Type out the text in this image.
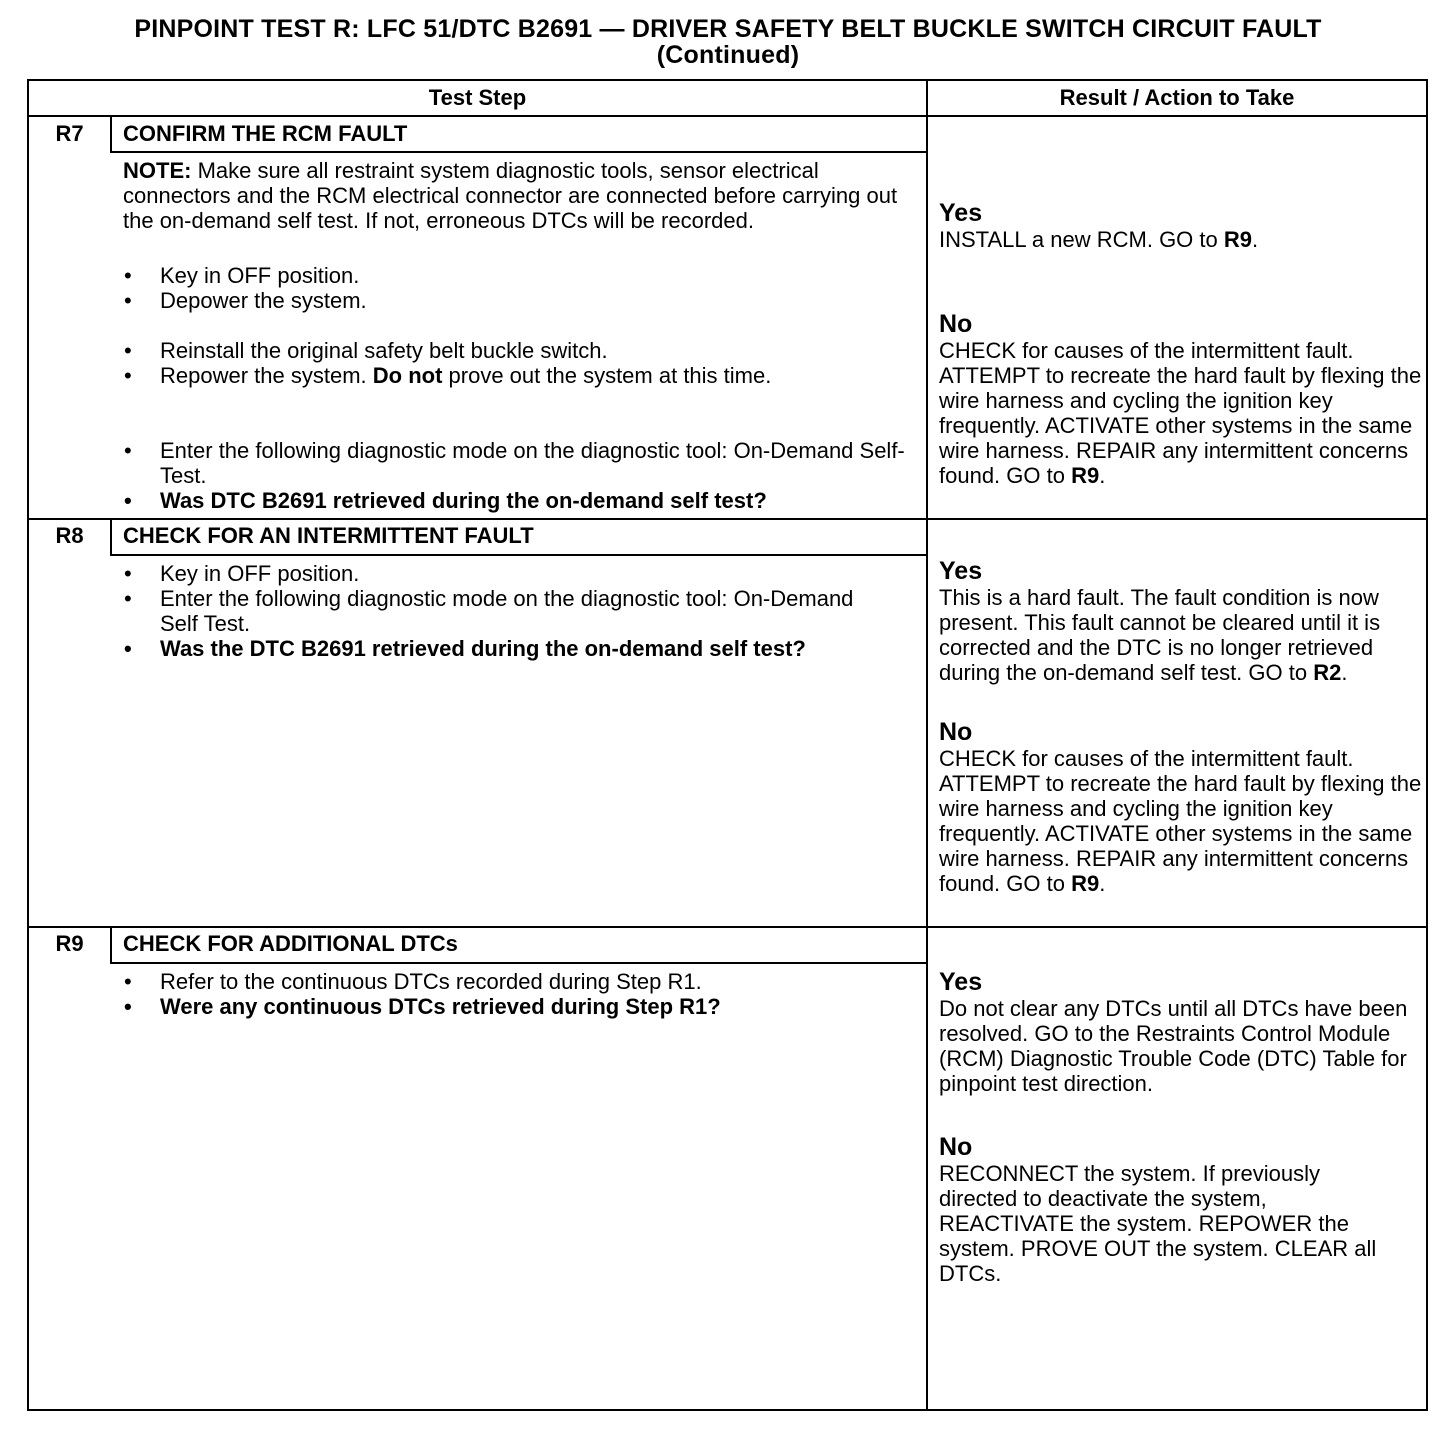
PINPOINT TEST R: LFC 51/DTC B2691 — DRIVER SAFETY BELT BUCKLE SWITCH CIRCUIT FAULT
(Continued)
Test Step	Result / Action to Take
R7	CONFIRM THE RCM FAULT
NOTE: Make sure all restraint system diagnostic tools, sensor electrical connectors and the RCM electrical connector are connected before carrying out the on-demand self test. If not, erroneous DTCs will be recorded.
• Key in OFF position.
• Depower the system.
• Reinstall the original safety belt buckle switch.
• Repower the system. Do not prove out the system at this time.
• Enter the following diagnostic mode on the diagnostic tool: On-Demand Self-Test.
• Was DTC B2691 retrieved during the on-demand self test?
Yes
INSTALL a new RCM. GO to R9.
No
CHECK for causes of the intermittent fault. ATTEMPT to recreate the hard fault by flexing the wire harness and cycling the ignition key frequently. ACTIVATE other systems in the same wire harness. REPAIR any intermittent concerns found. GO to R9.
R8	CHECK FOR AN INTERMITTENT FAULT
• Key in OFF position.
• Enter the following diagnostic mode on the diagnostic tool: On-Demand Self Test.
• Was the DTC B2691 retrieved during the on-demand self test?
Yes
This is a hard fault. The fault condition is now present. This fault cannot be cleared until it is corrected and the DTC is no longer retrieved during the on-demand self test. GO to R2.
No
CHECK for causes of the intermittent fault. ATTEMPT to recreate the hard fault by flexing the wire harness and cycling the ignition key frequently. ACTIVATE other systems in the same wire harness. REPAIR any intermittent concerns found. GO to R9.
R9	CHECK FOR ADDITIONAL DTCs
• Refer to the continuous DTCs recorded during Step R1.
• Were any continuous DTCs retrieved during Step R1?
Yes
Do not clear any DTCs until all DTCs have been resolved. GO to the Restraints Control Module (RCM) Diagnostic Trouble Code (DTC) Table for pinpoint test direction.
No
RECONNECT the system. If previously directed to deactivate the system, REACTIVATE the system. REPOWER the system. PROVE OUT the system. CLEAR all DTCs.
